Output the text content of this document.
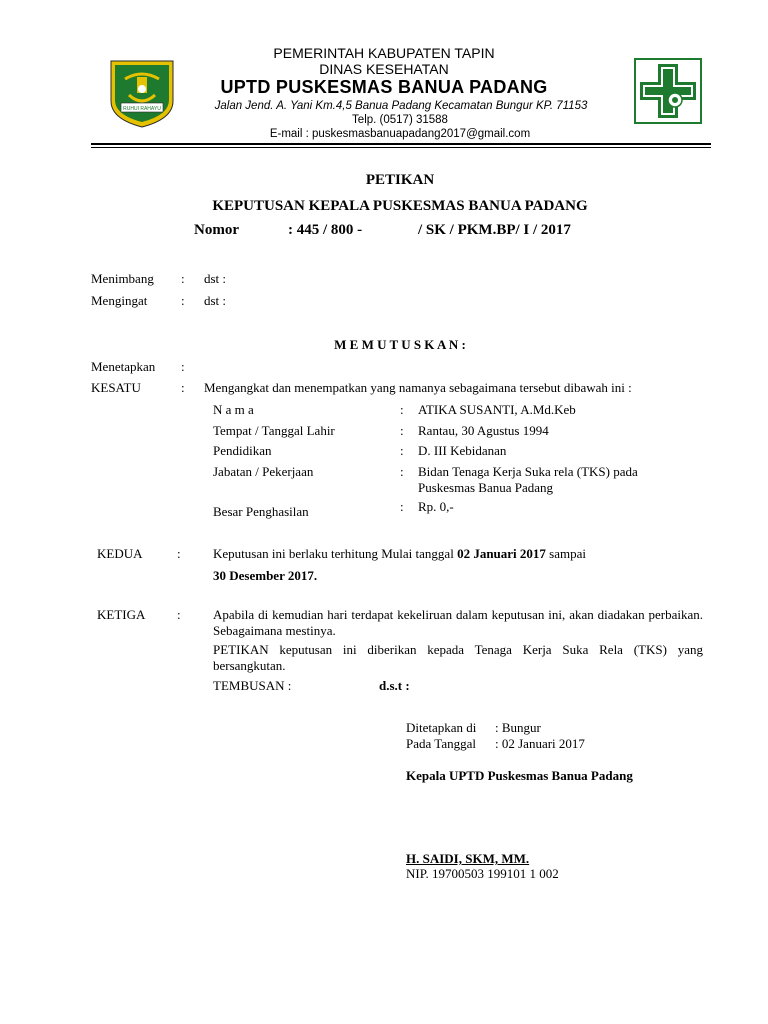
RUHUI RAHAYU
PEMERINTAH KABUPATEN TAPIN
DINAS KESEHATAN
UPTD PUSKESMAS BANUA PADANG
Jalan Jend. A. Yani Km.4,5 Banua Padang Kecamatan Bungur KP. 71153
Telp. (0517) 31588
E-mail : puskesmasbanuapadang2017@gmail.com
PETIKAN
KEPUTUSAN KEPALA PUSKESMAS BANUA PADANG
Nomor	: 445 / 800 -	/ SK / PKM.BP/ I / 2017
Menimbang : dst :
Mengingat	: dst :
M E M U T U S K A N :
Menetapkan :
KESATU	: Mengangkat dan menempatkan yang namanya sebagaimana tersebut dibawah ini :
N a m a	: ATIKA SUSANTI, A.Md.Keb
Tempat / Tanggal Lahir	: Rantau, 30 Agustus 1994
Pendidikan	: D. III Kebidanan
Jabatan / Pekerjaan	: Bidan Tenaga Kerja Suka rela (TKS) pada
Puskesmas Banua Padang
Besar Penghasilan	: Rp. 0,-
KEDUA	: Keputusan ini berlaku terhitung Mulai tanggal 02 Januari 2017 sampai
30 Desember 2017.
KETIGA : Apabila di kemudian hari terdapat kekeliruan dalam keputusan ini, akan diadakan perbaikan. Sebagaimana mestinya.
PETIKAN keputusan ini diberikan kepada Tenaga Kerja Suka Rela (TKS) yang bersangkutan.
TEMBUSAN :	d.s.t :
Ditetapkan di : Bungur
Pada Tanggal : 02 Januari 2017
Kepala UPTD Puskesmas Banua Padang
H. SAIDI, SKM, MM.
NIP. 19700503 199101 1 002
